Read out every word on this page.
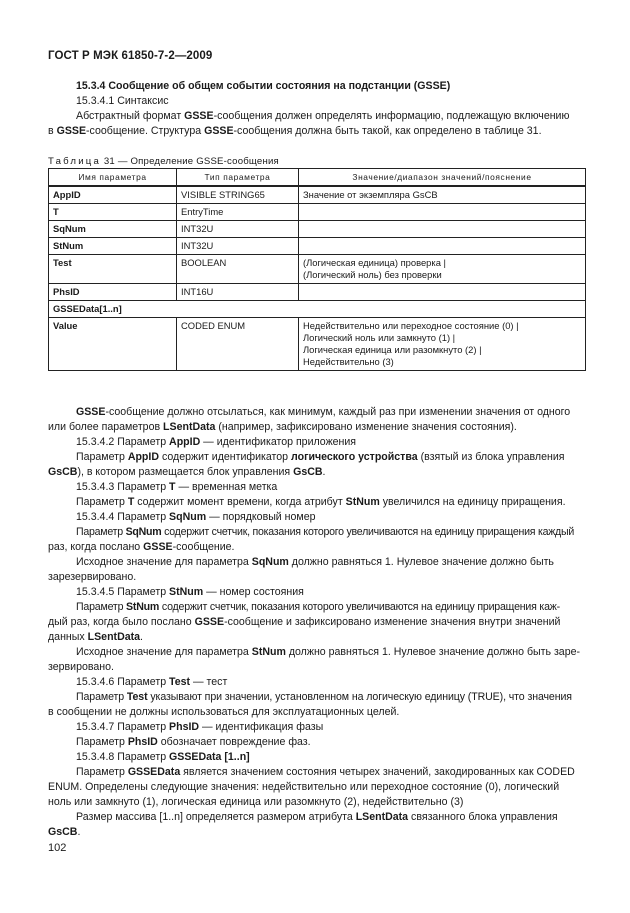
ГОСТ Р МЭК 61850-7-2—2009
15.3.4 Сообщение об общем событии состояния на подстанции (GSSE)
15.3.4.1 Синтаксис
Абстрактный формат GSSE-сообщения должен определять информацию, подлежащую включению
в GSSE-сообщение. Структура GSSE-сообщения должна быть такой, как определено в таблице 31.
Таблица 31 — Определение GSSE-сообщения
Имя параметра	Тип параметра	Значение/диапазон значений/пояснение
AppID	VISIBLE STRING65	Значение от экземпляра GsCB

T	EntryTime	
SqNum	INT32U	
StNum	INT32U	
Test	BOOLEAN	(Логическая единица) проверка |
(Логический ноль) без проверки

PhsID	INT16U	
GSSEData[1..n]		
Value	CODED ENUM	Недействительно или переходное состояние (0) |
Логический ноль или замкнуто (1) |
Логическая единица или разомкнуто (2) |
Недействительно (3)
GSSE-сообщение должно отсылаться, как минимум, каждый раз при изменении значения от одного
или более параметров LSentData (например, зафиксировано изменение значения состояния).
15.3.4.2 Параметр AppID — идентификатор приложения
Параметр AppID содержит идентификатор логического устройства (взятый из блока управления
GsCB), в котором размещается блок управления GsCB.
15.3.4.3 Параметр T — временная метка
Параметр T содержит момент времени, когда атрибут StNum увеличился на единицу приращения.
15.3.4.4 Параметр SqNum — порядковый номер
Параметр SqNum содержит счетчик, показания которого увеличиваются на единицу приращения каждый
раз, когда послано GSSE-сообщение.
Исходное значение для параметра SqNum должно равняться 1. Нулевое значение должно быть
зарезервировано.
15.3.4.5 Параметр StNum — номер состояния
Параметр StNum содержит счетчик, показания которого увеличиваются на единицу приращения каж-
дый раз, когда было послано GSSE-сообщение и зафиксировано изменение значения внутри значений
данных LSentData.
Исходное значение для параметра StNum должно равняться 1. Нулевое значение должно быть заре-
зервировано.
15.3.4.6 Параметр Test — тест
Параметр Test указывают при значении, установленном на логическую единицу (TRUE), что значения
в сообщении не должны использоваться для эксплуатационных целей.
15.3.4.7 Параметр PhsID — идентификация фазы
Параметр PhsID обозначает повреждение фаз.
15.3.4.8 Параметр GSSEData [1..n]
Параметр GSSEData является значением состояния четырех значений, закодированных как CODED
ENUM. Определены следующие значения: недействительно или переходное состояние (0), логический
ноль или замкнуто (1), логическая единица или разомкнуто (2), недействительно (3)
Размер массива [1..n] определяется размером атрибута LSentData связанного блока управления
GsCB.
102
